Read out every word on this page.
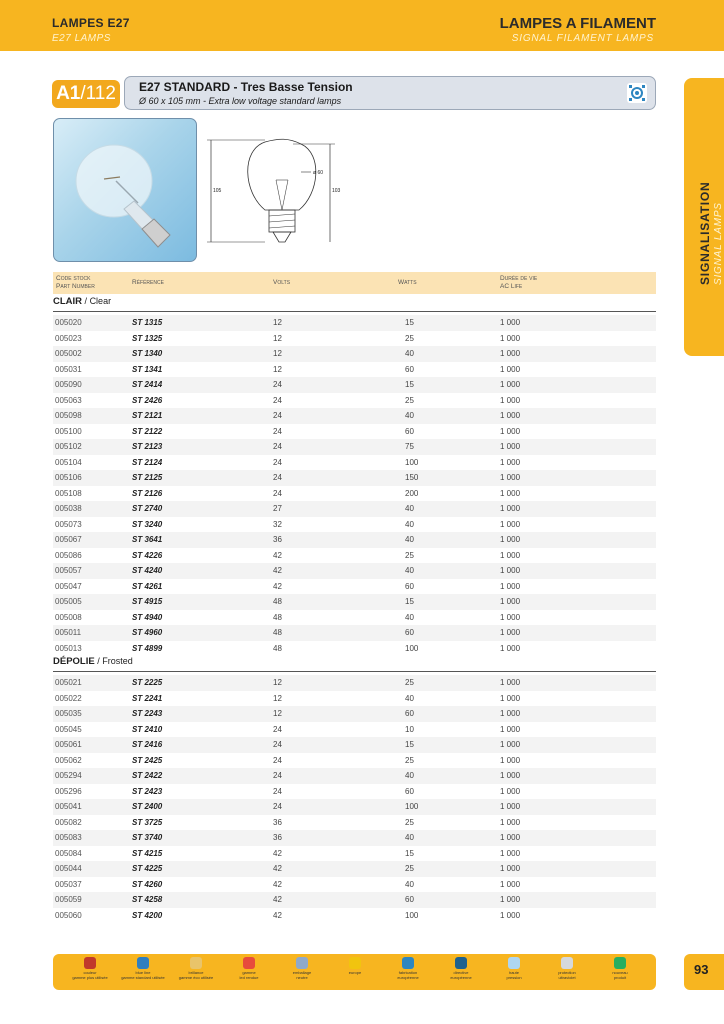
LAMPES E27
E27 LAMPS
LAMPES A FILAMENT
SIGNAL FILAMENT LAMPS
SIGNALISATION SIGNAL LAMPS
A1 /112 E27 STANDARD - Tres Basse Tension
Ø 60 x 105 mm - Extra low voltage standard lamps
105	103
ø 60
Code stock
Part Number
Référence	Volts	Watts
Durée de vie
AC Life
CLAIR / Clear
005020	ST 1315	12	15	1 000
005023	ST 1325	12	25	1 000
005002	ST 1340	12	40	1 000
005031	ST 1341	12	60	1 000
005090	ST 2414	24	15	1 000
005063	ST 2426	24	25	1 000
005098	ST 2121	24	40	1 000
005100	ST 2122	24	60	1 000
005102	ST 2123	24	75	1 000
005104	ST 2124	24	100	1 000
005106	ST 2125	24	150	1 000
005108	ST 2126	24	200	1 000
005038	ST 2740	27	40	1 000
005073	ST 3240	32	40	1 000
005067	ST 3641	36	40	1 000
005086	ST 4226	42	25	1 000
005057	ST 4240	42	40	1 000
005047	ST 4261	42	60	1 000
005005	ST 4915	48	15	1 000
005008	ST 4940	48	40	1 000
005011	ST 4960	48	60	1 000
005013	ST 4899	48	100	1 000
DÉPOLIE / Frosted
005021	ST 2225	12	25	1 000
005022	ST 2241	12	40	1 000
005035	ST 2243	12	60	1 000
005045	ST 2410	24	10	1 000
005061	ST 2416	24	15	1 000
005062	ST 2425	24	25	1 000
005294	ST 2422	24	40	1 000
005296	ST 2423	24	60	1 000
005041	ST 2400	24	100	1 000
005082	ST 3725	36	25	1 000
005083	ST 3740	36	40	1 000
005084	ST 4215	42	15	1 000
005044	ST 4225	42	25	1 000
005037	ST 4260	42	40	1 000
005059	ST 4258	42	60	1 000
005060	ST 4200	42	100	1 000
couleur
gamme plus utilisée
blue line
gamme standard utilisée
brillance
gamme éco utilisée
gamme
led rendue
emballage
neutre
europe	fabrication
européenne
directive
européenne
haute
pression
protection
ultraviolet
nouveau
produit	93
